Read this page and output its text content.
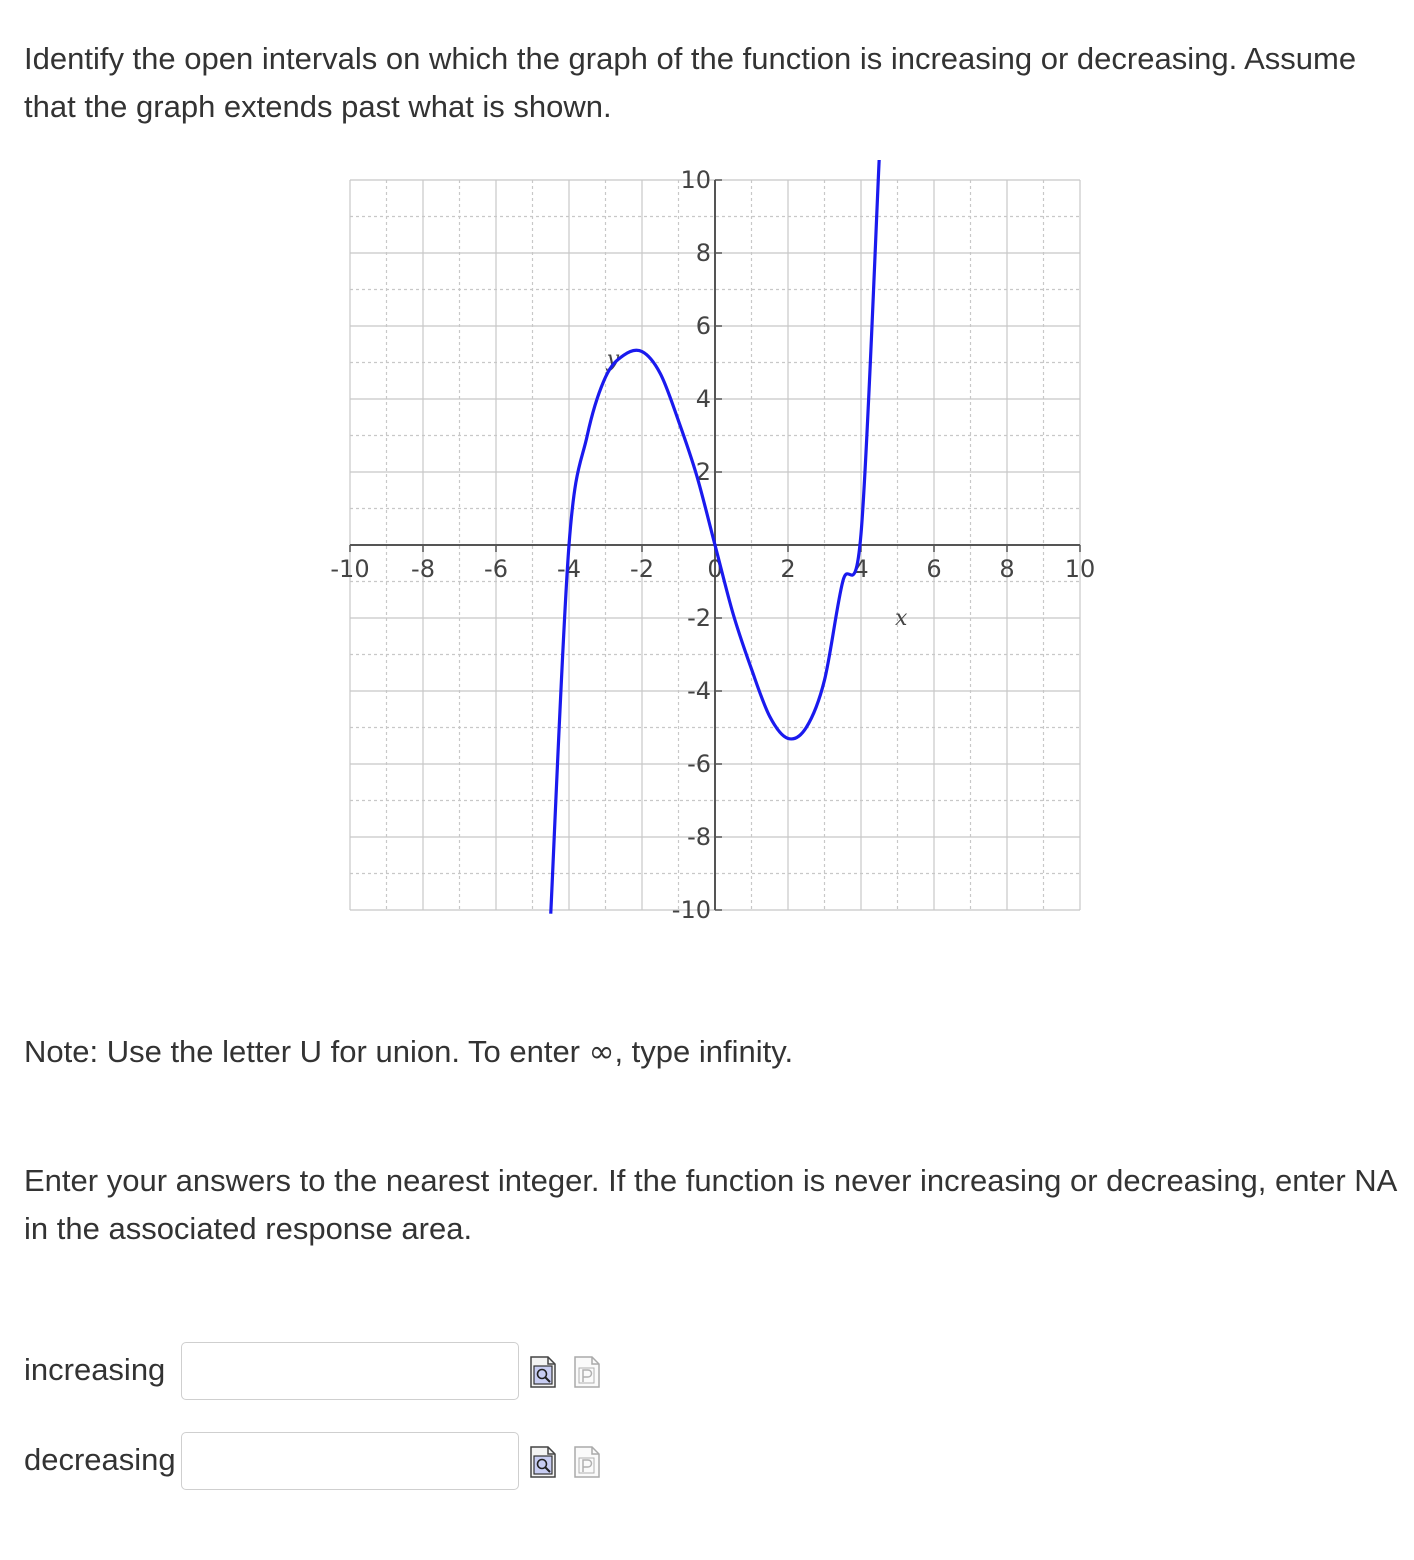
Identify the open intervals on which the graph of the function is increasing or decreasing. Assume that the graph extends past what is shown.

-10 -8 -6 -4 -2 0 2 4 6 8 10
10
8
6
4
2
-2
-4
-6
-8
-10
x
y

Note: Use the letter U for union. To enter ∞, type infinity.

Enter your answers to the nearest integer. If the function is never increasing or decreasing, enter NA in the associated response area.

increasing
decreasing
